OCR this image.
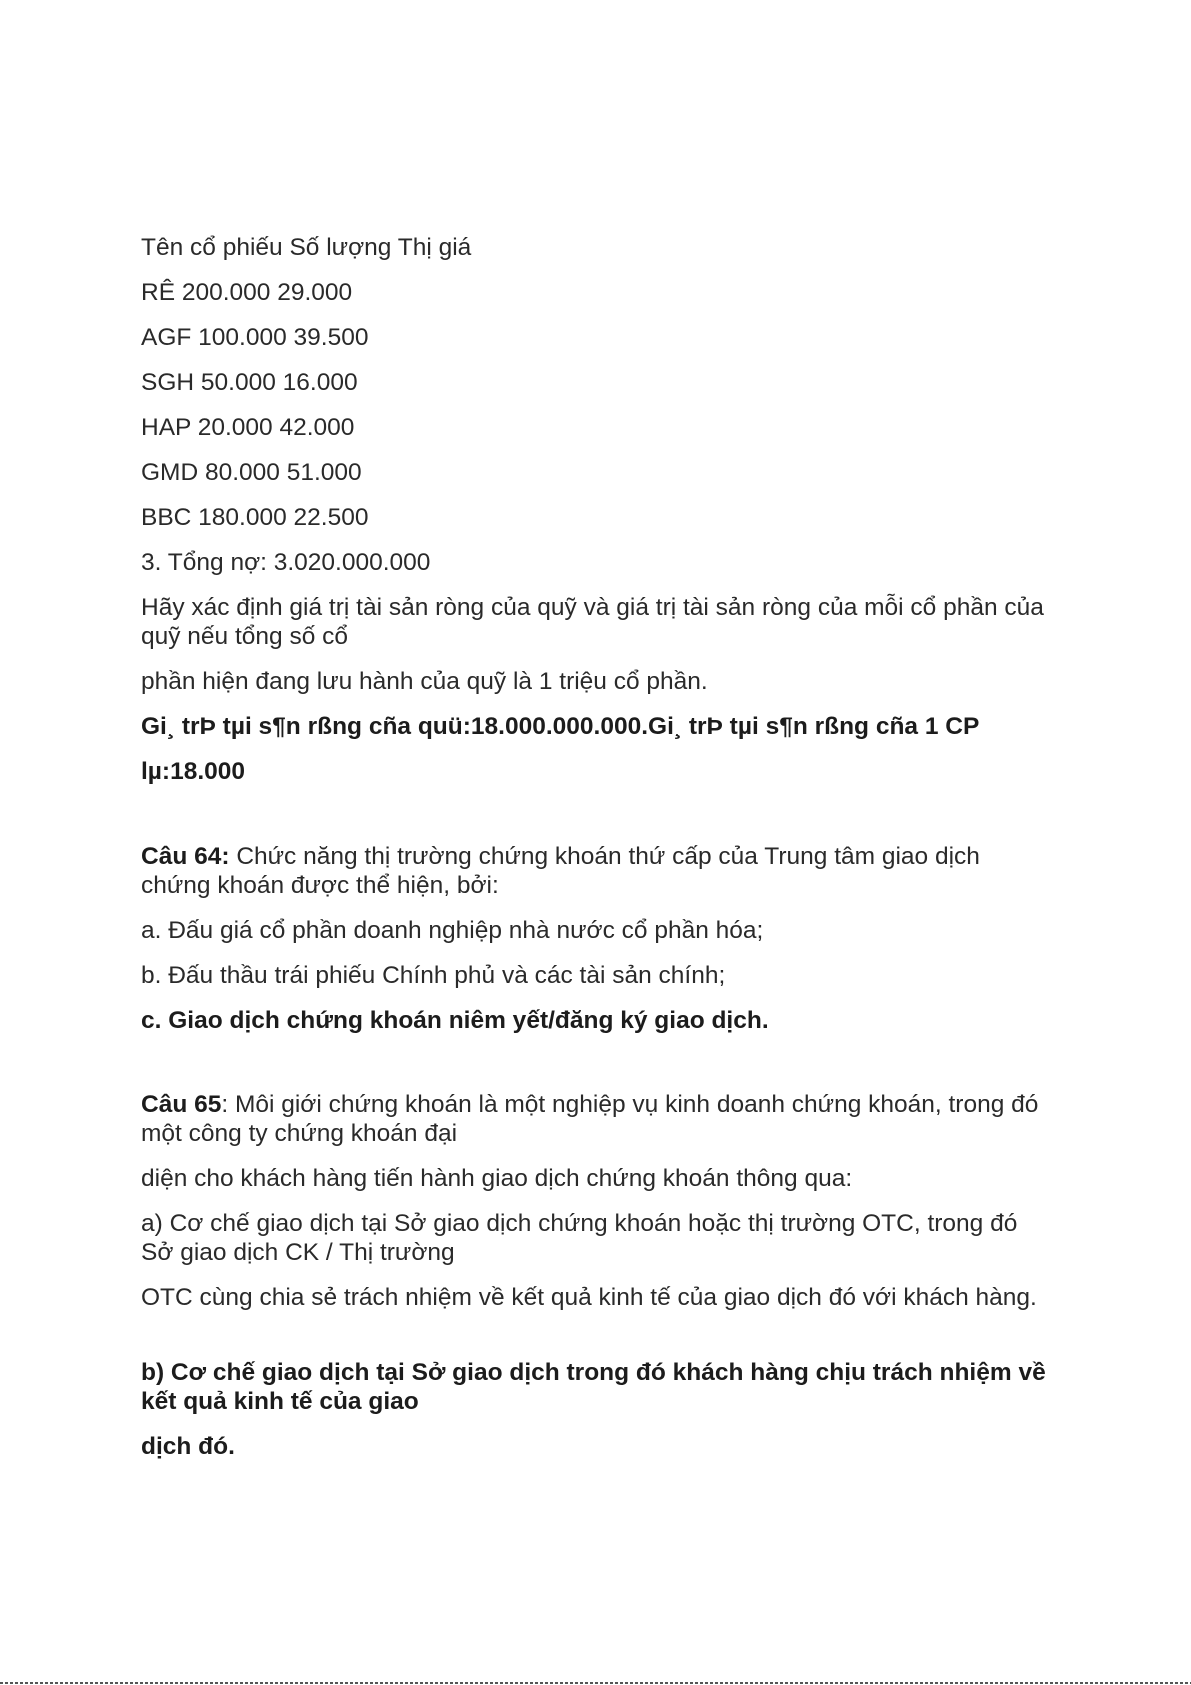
Tên cổ phiếu Số lượng Thị giá
RÊ 200.000 29.000
AGF 100.000 39.500
SGH 50.000 16.000
HAP 20.000 42.000
GMD 80.000 51.000
BBC 180.000 22.500
3. Tổng nợ: 3.020.000.000
Hãy xác định giá trị tài sản ròng của quỹ và giá trị tài sản ròng của mỗi cổ phần của quỹ nếu tổng số cổ
phần hiện đang lưu hành của quỹ là 1 triệu cổ phần.
Gi¸ trÞ tµi s¶n rßng cña quü:18.000.000.000.Gi¸ trÞ tµi s¶n rßng cña 1 CP
lµ:18.000
Câu 64: Chức năng thị trường chứng khoán thứ cấp của Trung tâm giao dịch chứng khoán được thể hiện, bởi:
a. Đấu giá cổ phần doanh nghiệp nhà nước cổ phần hóa;
b. Đấu thầu trái phiếu Chính phủ và các tài sản chính;
c. Giao dịch chứng khoán niêm yết/đăng ký giao dịch.
Câu 65: Môi giới chứng khoán là một nghiệp vụ kinh doanh chứng khoán, trong đó một công ty chứng khoán đại
diện cho khách hàng tiến hành giao dịch chứng khoán thông qua:
a) Cơ chế giao dịch tại Sở giao dịch chứng khoán hoặc thị trường OTC, trong đó Sở giao dịch CK / Thị trường
OTC cùng chia sẻ trách nhiệm về kết quả kinh tế của giao dịch đó với khách hàng.
b) Cơ chế giao dịch tại Sở giao dịch trong đó khách hàng chịu trách nhiệm về kết quả kinh tế của giao
dịch đó.
